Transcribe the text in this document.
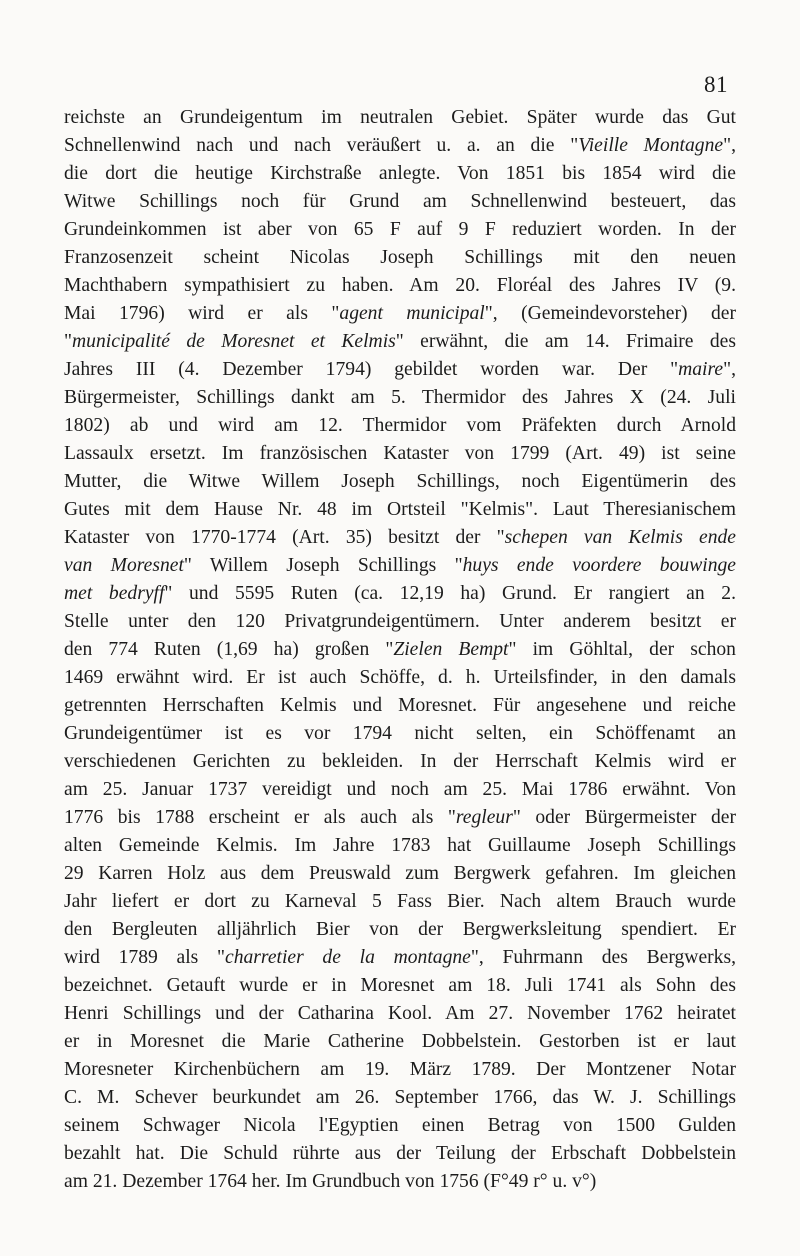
81
reichste an Grundeigentum im neutralen Gebiet. Später wurde das Gut
Schnellenwind nach und nach veräußert u. a. an die "Vieille Montagne",
die dort die heutige Kirchstraße anlegte. Von 1851 bis 1854 wird die
Witwe Schillings noch für Grund am Schnellenwind besteuert, das
Grundeinkommen ist aber von 65 F auf 9 F reduziert worden. In der
Franzosenzeit scheint Nicolas Joseph Schillings mit den neuen
Machthabern sympathisiert zu haben. Am 20. Floréal des Jahres IV (9.
Mai 1796) wird er als "agent municipal", (Gemeindevorsteher) der
"municipalité de Moresnet et Kelmis" erwähnt, die am 14. Frimaire des
Jahres III (4. Dezember 1794) gebildet worden war. Der "maire",
Bürgermeister, Schillings dankt am 5. Thermidor des Jahres X (24. Juli
1802) ab und wird am 12. Thermidor vom Präfekten durch Arnold
Lassaulx ersetzt. Im französischen Kataster von 1799 (Art. 49) ist seine
Mutter, die Witwe Willem Joseph Schillings, noch Eigentümerin des
Gutes mit dem Hause Nr. 48 im Ortsteil "Kelmis". Laut Theresianischem
Kataster von 1770-1774 (Art. 35) besitzt der "schepen van Kelmis ende
van Moresnet" Willem Joseph Schillings "huys ende voordere bouwinge
met bedryff" und 5595 Ruten (ca. 12,19 ha) Grund. Er rangiert an 2.
Stelle unter den 120 Privatgrundeigentümern. Unter anderem besitzt er
den 774 Ruten (1,69 ha) großen "Zielen Bempt" im Göhltal, der schon
1469 erwähnt wird. Er ist auch Schöffe, d. h. Urteilsfinder, in den damals
getrennten Herrschaften Kelmis und Moresnet. Für angesehene und reiche
Grundeigentümer ist es vor 1794 nicht selten, ein Schöffenamt an
verschiedenen Gerichten zu bekleiden. In der Herrschaft Kelmis wird er
am 25. Januar 1737 vereidigt und noch am 25. Mai 1786 erwähnt. Von
1776 bis 1788 erscheint er als auch als "regleur" oder Bürgermeister der
alten Gemeinde Kelmis. Im Jahre 1783 hat Guillaume Joseph Schillings
29 Karren Holz aus dem Preuswald zum Bergwerk gefahren. Im gleichen
Jahr liefert er dort zu Karneval 5 Fass Bier. Nach altem Brauch wurde
den Bergleuten alljährlich Bier von der Bergwerksleitung spendiert. Er
wird 1789 als "charretier de la montagne", Fuhrmann des Bergwerks,
bezeichnet. Getauft wurde er in Moresnet am 18. Juli 1741 als Sohn des
Henri Schillings und der Catharina Kool. Am 27. November 1762 heiratet
er in Moresnet die Marie Catherine Dobbelstein. Gestorben ist er laut
Moresneter Kirchenbüchern am 19. März 1789. Der Montzener Notar
C. M. Schever beurkundet am 26. September 1766, das W. J. Schillings
seinem Schwager Nicola l'Egyptien einen Betrag von 1500 Gulden
bezahlt hat. Die Schuld rührte aus der Teilung der Erbschaft Dobbelstein
am 21. Dezember 1764 her. Im Grundbuch von 1756 (F°49 r° u. v°)
